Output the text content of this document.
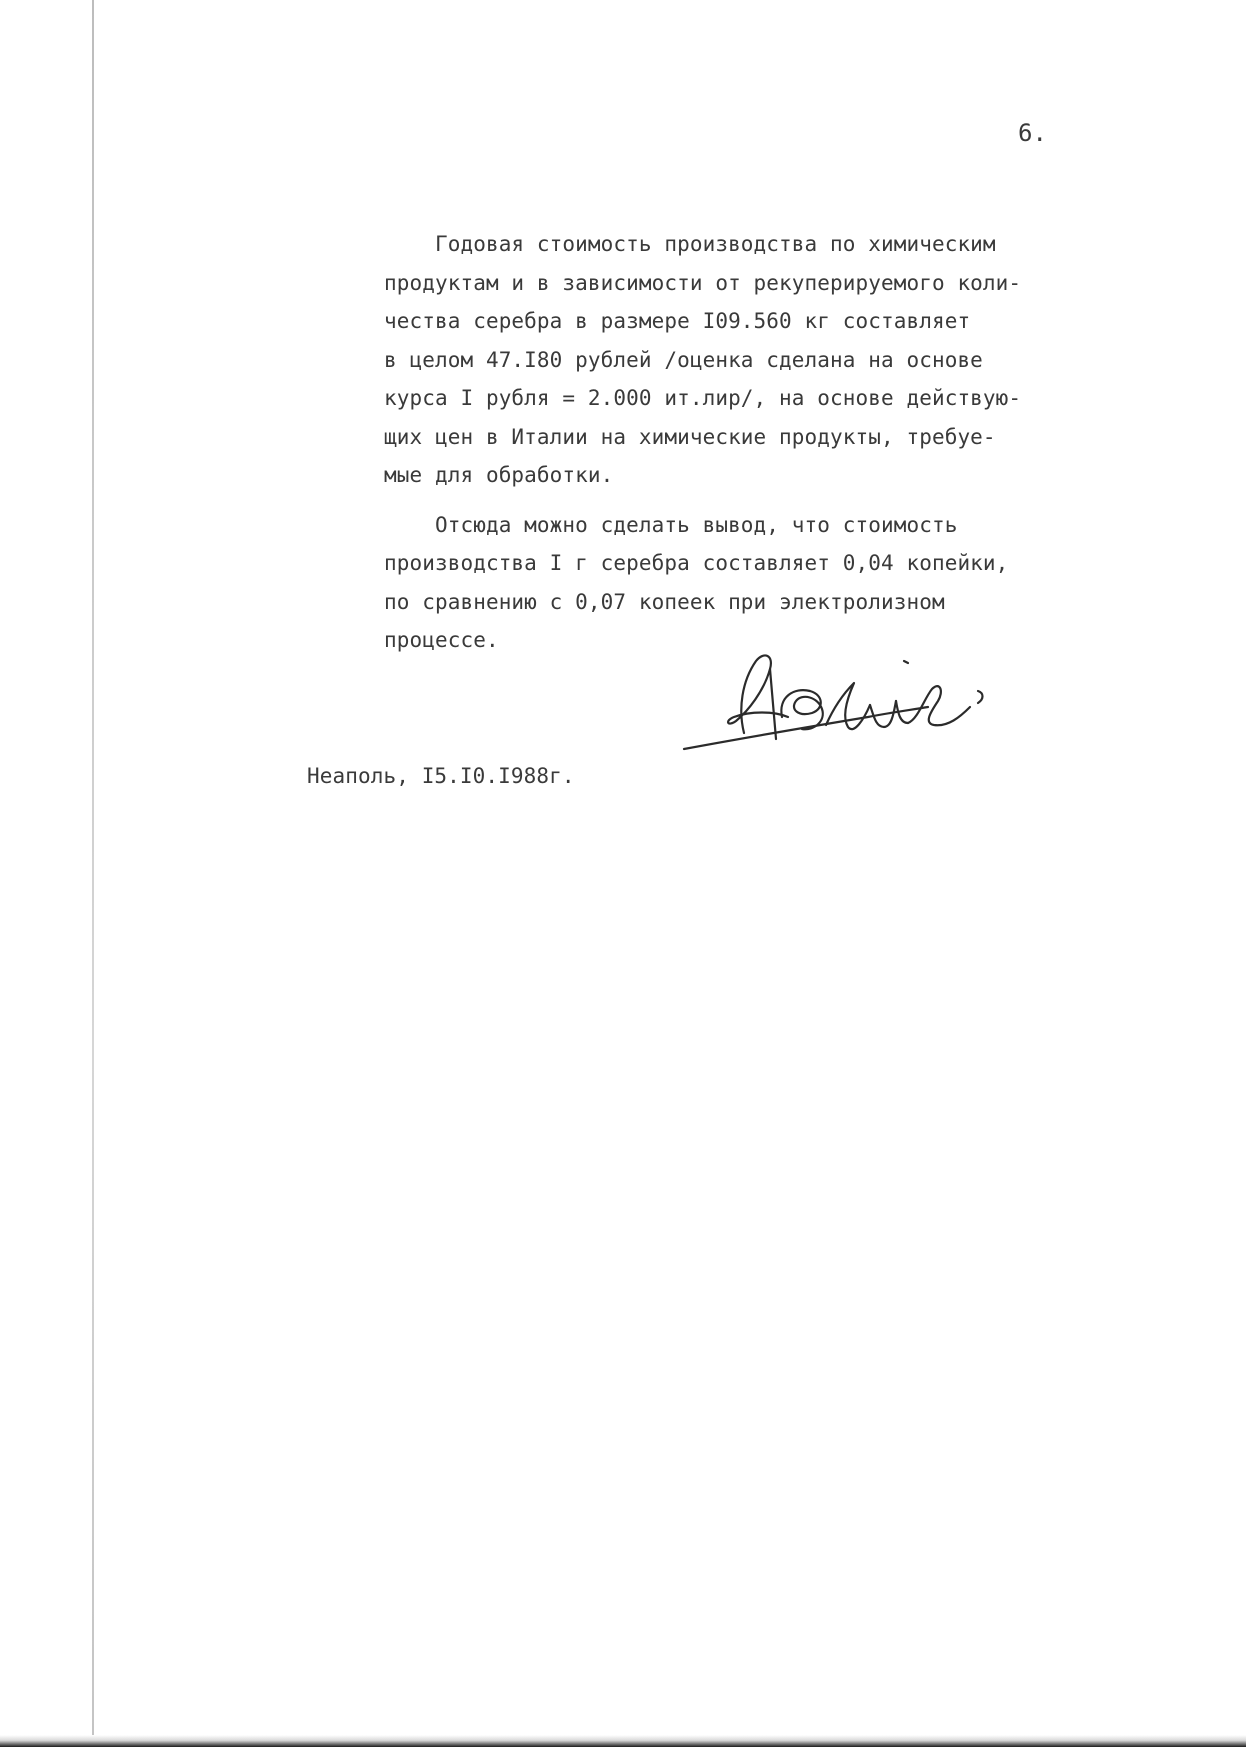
6.
Годовая стоимость производства по химическим
продуктам и в зависимости от рекуперируемого коли-
чества серебра в размере I09.560 кг составляет
в целом 47.I80 рублей /оценка сделана на основе
курса I рубля = 2.000 ит.лир/, на основе действую-
щих цен в Италии на химические продукты, требуе-
мые для обработки.
Отсюда можно сделать вывод, что стоимость
производства I г серебра составляет 0,04 копейки,
по сравнению с 0,07 копеек при электролизном
процессе.
Неаполь, I5.I0.I988г.
